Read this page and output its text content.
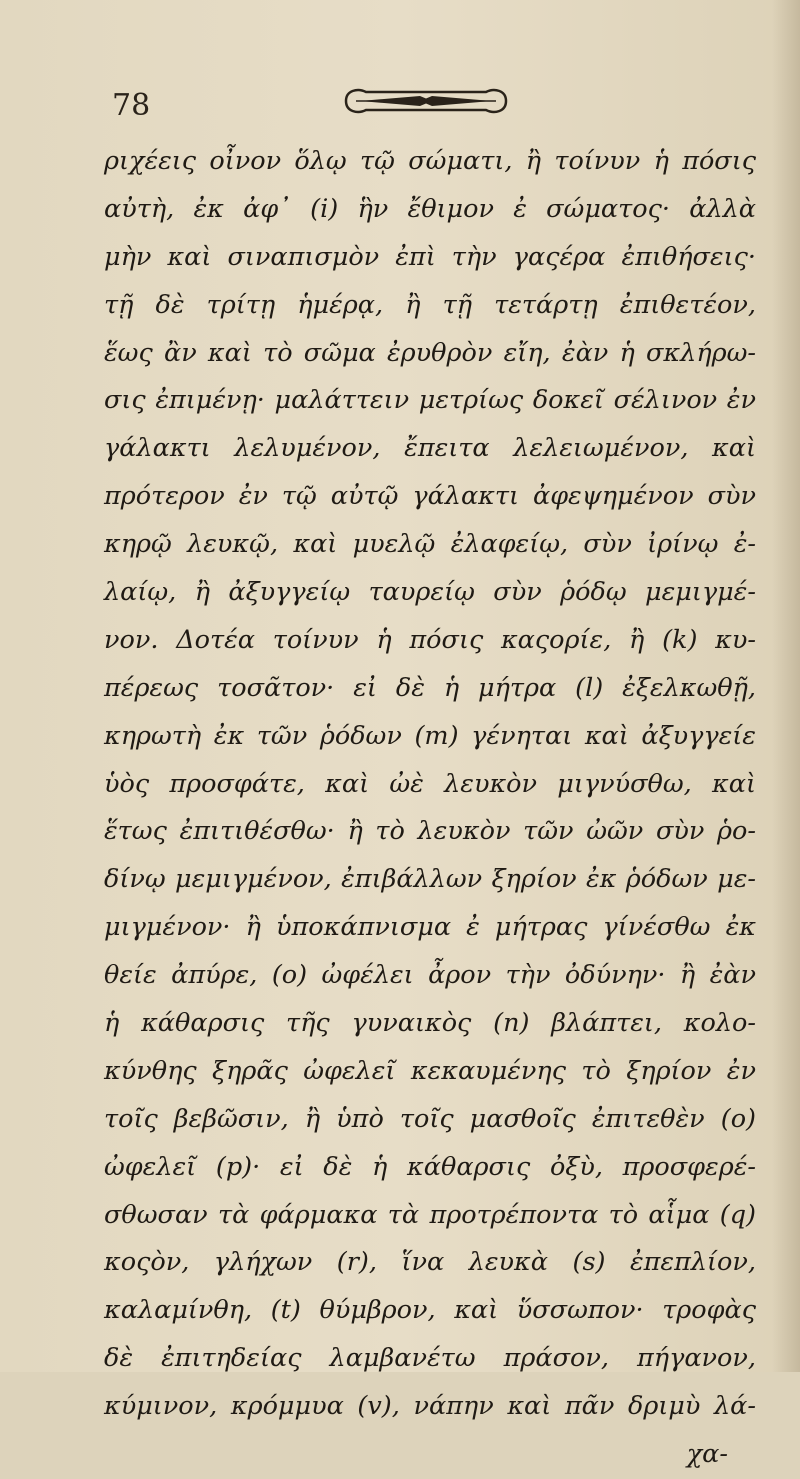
78
ριχέεις οἶνον ὅλῳ τῷ σώματι, ἢ τοίνυν ἡ πόσις
αὐτὴ, ἐκ ἀφ᾽ (i) ἣν ἔθιμον ἐ σώματος· ἀλλὰ
μὴν καὶ σιναπισμὸν ἐπὶ τὴν γαςέρα ἐπιθήσεις·
τῇ δὲ τρίτῃ ἡμέρᾳ, ἢ τῇ τετάρτῃ ἐπιθετέον,
ἕως ἂν καὶ τὸ σῶμα ἐρυθρὸν εἴη, ἐὰν ἡ σκλήρω-
σις ἐπιμένῃ· μαλάττειν μετρίως δοκεῖ σέλινον ἐν
γάλακτι λελυμένον, ἔπειτα λελειωμένον, καὶ
πρότερον ἐν τῷ αὐτῷ γάλακτι ἀφεψημένον σὺν
κηρῷ λευκῷ, καὶ μυελῷ ἐλαφείῳ, σὺν ἰρίνῳ ἐ-
λαίῳ, ἢ ἀξυγγείῳ ταυρείῳ σὺν ῥόδῳ μεμιγμέ-
νον. Δοτέα τοίνυν ἡ πόσις καςορίε, ἢ (k) κυ-
πέρεως τοσᾶτον· εἰ δὲ ἡ μήτρα (l) ἐξελκωθῇ,
κηρωτὴ ἐκ τῶν ῥόδων (m) γένηται καὶ ἀξυγγείε
ὑὸς προσφάτε, καὶ ὠὲ λευκὸν μιγνύσθω, καὶ
ἕτως ἐπιτιθέσθω· ἢ τὸ λευκὸν τῶν ὠῶν σὺν ῥο-
δίνῳ μεμιγμένον, ἐπιβάλλων ξηρίον ἐκ ῥόδων με-
μιγμένον· ἢ ὑποκάπνισμα ἐ μήτρας γίνέσθω ἐκ
θείε ἀπύρε, (o) ὠφέλει ἆρον τὴν ὀδύνην· ἢ ἐὰν
ἡ κάθαρσις τῆς γυναικὸς (n) βλάπτει, κολο-
κύνθης ξηρᾶς ὠφελεῖ κεκαυμένης τὸ ξηρίον ἐν
τοῖς βεβῶσιν, ἢ ὑπὸ τοῖς μασθοῖς ἐπιτεθὲν (o)
ὠφελεῖ (p)· εἰ δὲ ἡ κάθαρσις ὀξὺ, προσφερέ-
σθωσαν τὰ φάρμακα τὰ προτρέποντα τὸ αἷμα (q)
κοςὸν, γλήχων (r), ἵνα λευκὰ (s) ἐπεπλίον,
καλαμίνθη, (t) θύμβρον, καὶ ὕσσωπον· τροφὰς
δὲ ἐπιτηδείας λαμβανέτω πράσον, πήγανον,
κύμινον, κρόμμυα (v), νάπην καὶ πᾶν δριμὺ λά-
χα-
